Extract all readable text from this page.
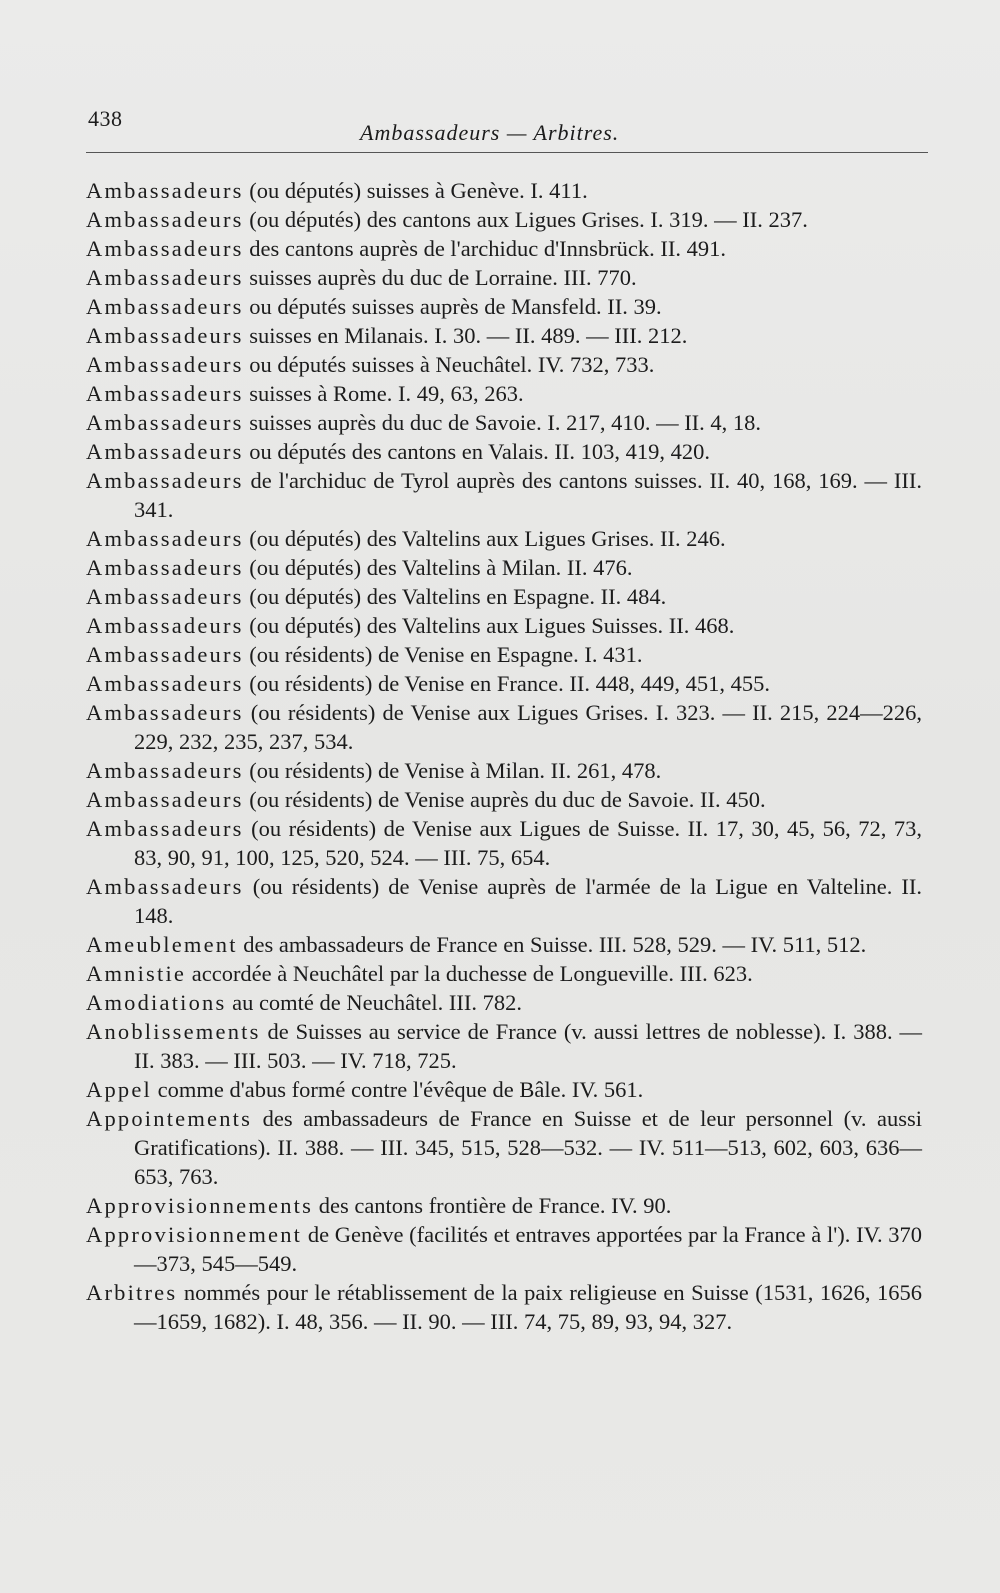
438
Ambassadeurs — Arbitres.

Ambassadeurs (ou députés) suisses à Genève. I. 411.

Ambassadeurs (ou députés) des cantons aux Ligues Grises. I. 319. — II. 237.

Ambassadeurs des cantons auprès de l'archiduc d'Innsbrück. II. 491.

Ambassadeurs suisses auprès du duc de Lorraine. III. 770.

Ambassadeurs ou députés suisses auprès de Mansfeld. II. 39.

Ambassadeurs suisses en Milanais. I. 30. — II. 489. — III. 212.

Ambassadeurs ou députés suisses à Neuchâtel. IV. 732, 733.

Ambassadeurs suisses à Rome. I. 49, 63, 263.

Ambassadeurs suisses auprès du duc de Savoie. I. 217, 410. — II. 4, 18.

Ambassadeurs ou députés des cantons en Valais. II. 103, 419, 420.

Ambassadeurs de l'archiduc de Tyrol auprès des cantons suisses. II. 40, 168, 169. — III. 341.

Ambassadeurs (ou députés) des Valtelins aux Ligues Grises. II. 246.

Ambassadeurs (ou députés) des Valtelins à Milan. II. 476.

Ambassadeurs (ou députés) des Valtelins en Espagne. II. 484.

Ambassadeurs (ou députés) des Valtelins aux Ligues Suisses. II. 468.

Ambassadeurs (ou résidents) de Venise en Espagne. I. 431.

Ambassadeurs (ou résidents) de Venise en France. II. 448, 449, 451, 455.

Ambassadeurs (ou résidents) de Venise aux Ligues Grises. I. 323. — II. 215, 224—226, 229, 232, 235, 237, 534.

Ambassadeurs (ou résidents) de Venise à Milan. II. 261, 478.

Ambassadeurs (ou résidents) de Venise auprès du duc de Savoie. II. 450.

Ambassadeurs (ou résidents) de Venise aux Ligues de Suisse. II. 17, 30, 45, 56, 72, 73, 83, 90, 91, 100, 125, 520, 524. — III. 75, 654.

Ambassadeurs (ou résidents) de Venise auprès de l'armée de la Ligue en Valteline. II. 148.

Ameublement des ambassadeurs de France en Suisse. III. 528, 529. — IV. 511, 512.

Amnistie accordée à Neuchâtel par la duchesse de Longueville. III. 623.

Amodiations au comté de Neuchâtel. III. 782.

Anoblissements de Suisses au service de France (v. aussi lettres de noblesse). I. 388. — II. 383. — III. 503. — IV. 718, 725.

Appel comme d'abus formé contre l'évêque de Bâle. IV. 561.

Appointements des ambassadeurs de France en Suisse et de leur personnel (v. aussi Gratifications). II. 388. — III. 345, 515, 528—532. — IV. 511—513, 602, 603, 636—653, 763.

Approvisionnements des cantons frontière de France. IV. 90.

Approvisionnement de Genève (facilités et entraves apportées par la France à l'). IV. 370—373, 545—549.

Arbitres nommés pour le rétablissement de la paix religieuse en Suisse (1531, 1626, 1656—1659, 1682). I. 48, 356. — II. 90. — III. 74, 75, 89, 93, 94, 327.
